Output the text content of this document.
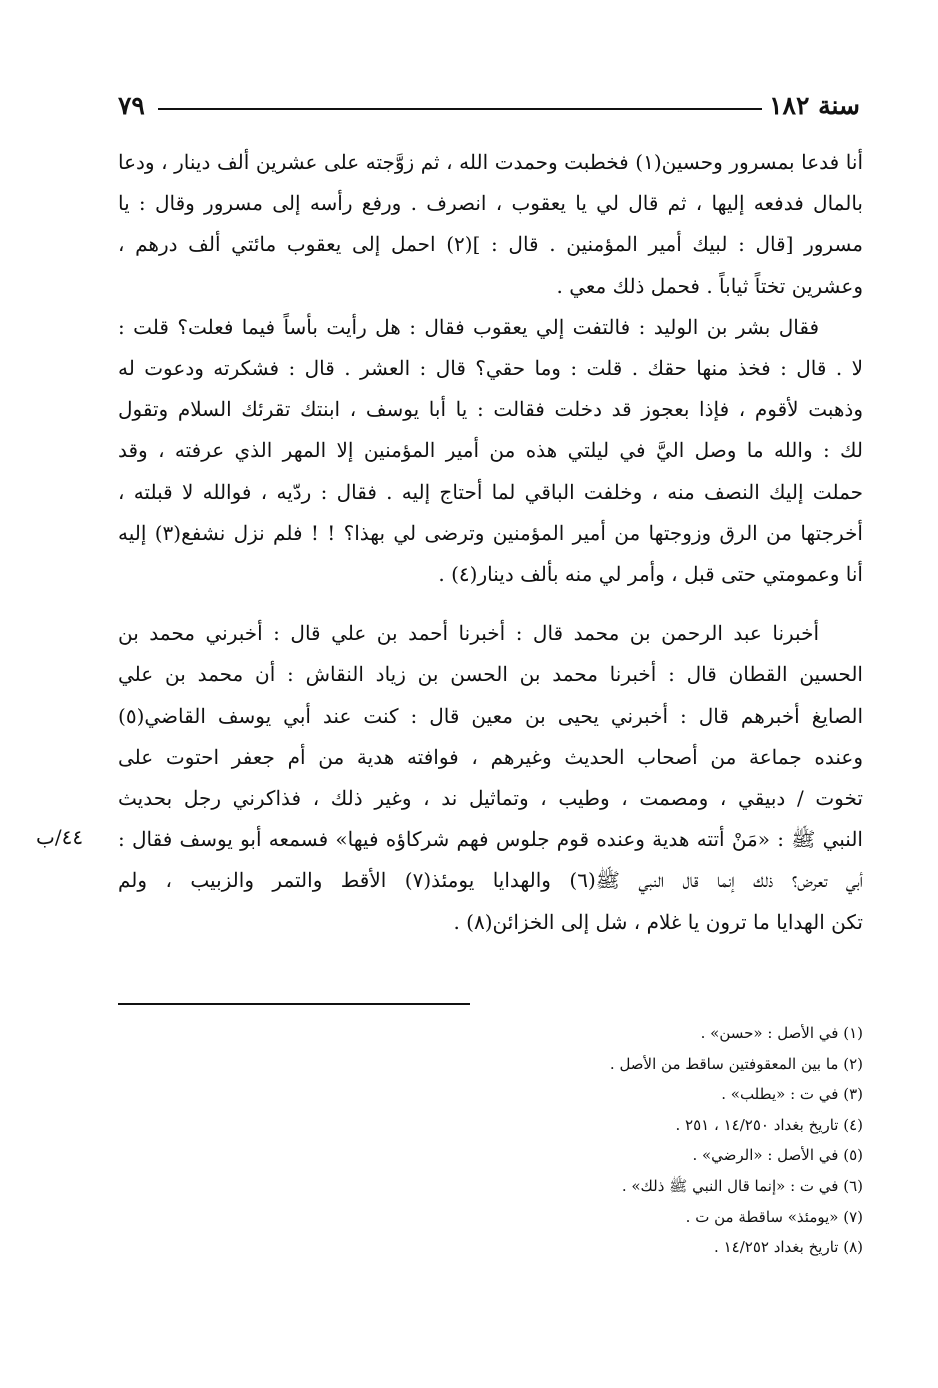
سنة ١٨٢
٧٩
أنا فدعا بمسرور وحسين(١) فخطبت وحمدت الله ، ثم زوَّجته على عشرين ألف دينار ، ودعا
بالمال فدفعه إليها ، ثم قال لي يا يعقوب ، انصرف . ورفع رأسه إلى مسرور وقال : يا
مسرور [قال : لبيك أمير المؤمنين . قال : ](٢) احمل إلى يعقوب مائتي ألف درهم ،
وعشرين تختاً ثياباً . فحمل ذلك معي .
فقال بشر بن الوليد : فالتفت إلي يعقوب فقال : هل رأيت بأساً فيما فعلت؟ قلت :
لا . قال : فخذ منها حقك . قلت : وما حقي؟ قال : العشر . قال : فشكرته ودعوت له
وذهبت لأقوم ، فإذا بعجوز قد دخلت فقالت : يا أبا يوسف ، ابنتك تقرئك السلام وتقول
لك : والله ما وصل اليَّ في ليلتي هذه من أمير المؤمنين إلا المهر الذي عرفته ، وقد
حملت إليك النصف منه ، وخلفت الباقي لما أحتاج إليه . فقال : ردّيه ، فوالله لا قبلته ،
أخرجتها من الرق وزوجتها من أمير المؤمنين وترضى لي بهذا؟ ! ! فلم نزل نشفع(٣) إليه
أنا وعمومتي حتى قبل ، وأمر لي منه بألف دينار(٤) .
أخبرنا عبد الرحمن بن محمد قال : أخبرنا أحمد بن علي قال : أخبرني محمد بن
الحسين القطان قال : أخبرنا محمد بن الحسن بن زياد النقاش : أن محمد بن علي
الصايغ أخبرهم قال : أخبرني يحيى بن معين قال : كنت عند أبي يوسف القاضي(٥)
وعنده جماعة من أصحاب الحديث وغيرهم ، فوافته هدية من أم جعفر احتوت على
تخوت / دبيقي ، ومصمت ، وطيب ، وتماثيل ند ، وغير ذلك ، فذاكرني رجل بحديث
النبي ﷺ : «مَنْ أتته هدية وعنده قوم جلوس فهم شركاؤه فيها» فسمعه أبو يوسف فقال :
أبي تعرض؟ ذلك إنما قال النبي ﷺ(٦) والهدايا يومئذ(٧) الأقط والتمر والزبيب ، ولم
تكن الهدايا ما ترون يا غلام ، شل إلى الخزائن(٨) .
٤٤/ب
(١) في الأصل : «حسن» .
(٢) ما بين المعقوفتين ساقط من الأصل .
(٣) في ت : «يطلب» .
(٤) تاريخ بغداد ١٤/٢٥٠ ، ٢٥١ .
(٥) في الأصل : «الرضي» .
(٦) في ت : «إنما قال النبي ﷺ ذلك» .
(٧) «يومئذ» ساقطة من ت .
(٨) تاريخ بغداد ١٤/٢٥٢ .
